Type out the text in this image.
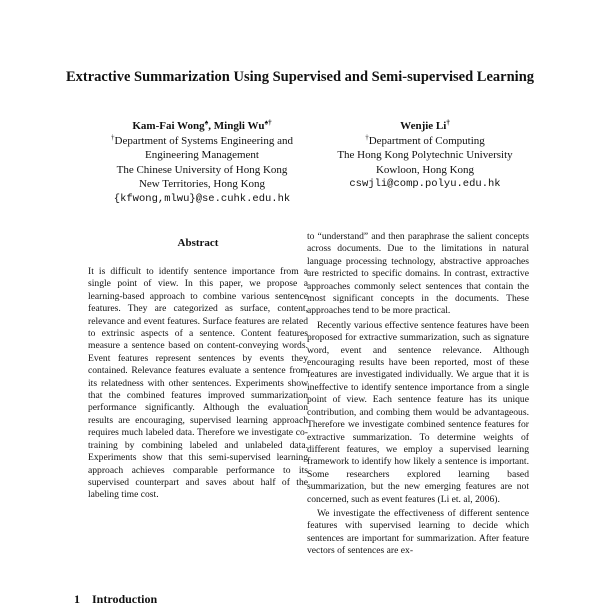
Extractive Summarization Using Supervised and Semi-supervised Learning
Kam-Fai Wong♠, Mingli Wu♠†
†Department of Systems Engineering and
Engineering Management
The Chinese University of Hong Kong
New Territories, Hong Kong
{kfwong,mlwu}@se.cuhk.edu.hk
Wenjie Li†
†Department of Computing
The Hong Kong Polytechnic University
Kowloon, Hong Kong
cswjli@comp.polyu.edu.hk
Abstract

It is difficult to identify sentence importance from a single point of view. In this paper, we propose a learning-based approach to combine various sentence features. They are categorized as surface, content, relevance and event features. Surface features are related to extrinsic aspects of a sentence. Content features measure a sentence based on content-conveying words. Event features represent sentences by events they contained. Relevance features evaluate a sentence from its relatedness with other sentences. Experiments show that the combined features improved summarization performance significantly. Although the evaluation results are encouraging, supervised learning approach requires much labeled data. Therefore we investigate co-training by combining labeled and unlabeled data. Experiments show that this semi-supervised learning approach achieves comparable performance to its supervised counterpart and saves about half of the labeling time cost.

to “understand” and then paraphrase the salient concepts across documents. Due to the limitations in natural language processing technology, abstractive approaches are restricted to specific domains. In contrast, extractive approaches commonly select sentences that contain the most significant concepts in the documents. These approaches tend to be more practical.

Recently various effective sentence features have been proposed for extractive summarization, such as signature word, event and sentence relevance. Although encouraging results have been reported, most of these features are investigated individually. We argue that it is ineffective to identify sentence importance from a single point of view. Each sentence feature has its unique contribution, and combing them would be advantageous. Therefore we investigate combined sentence features for extractive summarization. To determine weights of different features, we employ a supervised learning framework to identify how likely a sentence is important. Some researchers explored learning based summarization, but the new emerging features are not concerned, such as event features (Li et. al, 2006).

We investigate the effectiveness of different sentence features with supervised learning to decide which sentences are important for summarization. After feature vectors of sentences are ex-

1 Introduction
